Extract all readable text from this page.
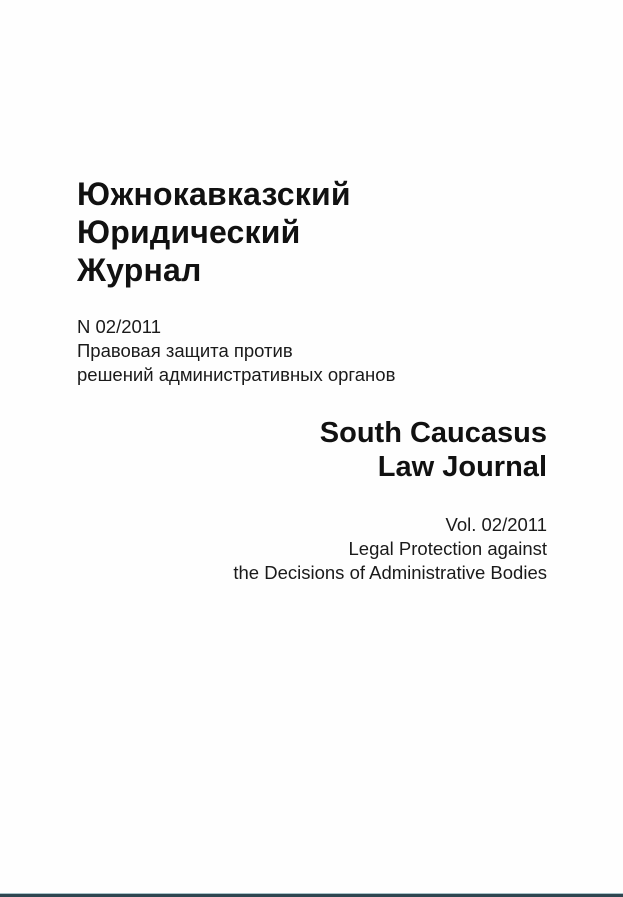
Южнокавказский
Юридический
Журнал
N 02/2011
Правовая защита против
решений административных органов
South Caucasus
Law Journal
Vol. 02/2011
Legal Protection against
the Decisions of Administrative Bodies
